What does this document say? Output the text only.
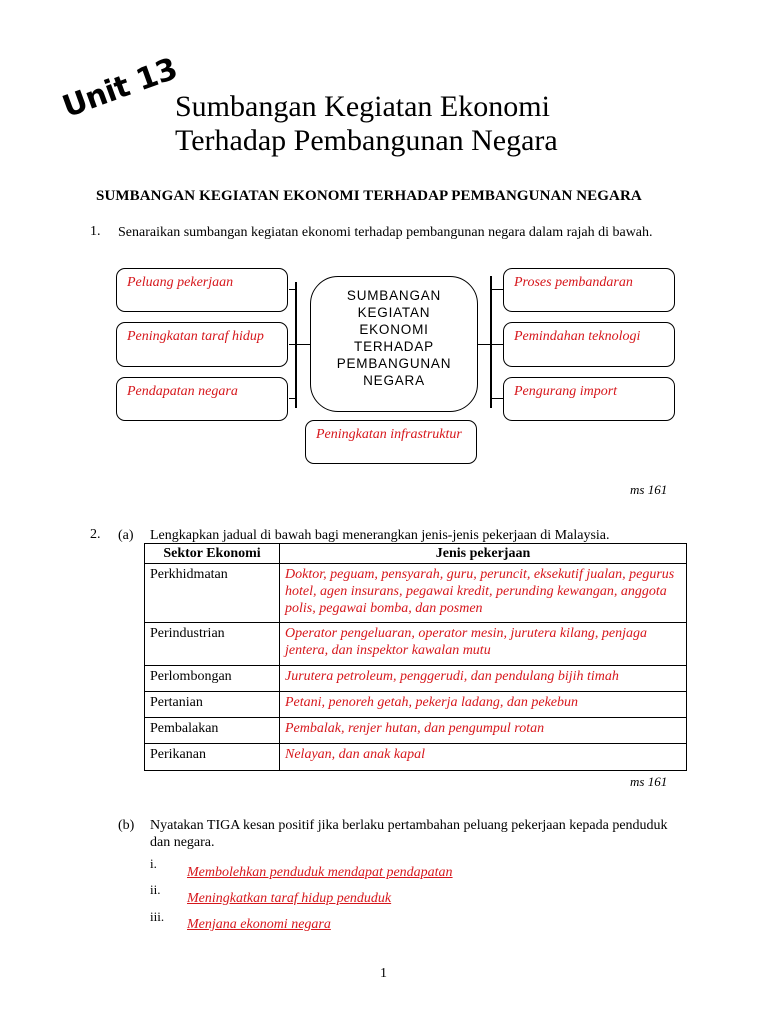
Unit 13
Sumbangan Kegiatan Ekonomi
Terhadap Pembangunan Negara
SUMBANGAN KEGIATAN EKONOMI TERHADAP PEMBANGUNAN NEGARA
1. Senaraikan sumbangan kegiatan ekonomi terhadap pembangunan negara dalam rajah di bawah.
Peluang pekerjaan
Peningkatan taraf hidup
Pendapatan negara
Proses pembandaran
Pemindahan teknologi
Pengurang import
Peningkatan infrastruktur
SUMBANGAN
KEGIATAN
EKONOMI
TERHADAP
PEMBANGUNAN
NEGARA
ms 161
2. (a) Lengkapkan jadual di bawah bagi menerangkan jenis-jenis pekerjaan di Malaysia.
Sektor Ekonomi	Jenis pekerjaan
Perkhidmatan	Doktor, peguam, pensyarah, guru, peruncit, eksekutif jualan, pegurus hotel, agen insurans, pegawai kredit, perunding kewangan, anggota polis, pegawai bomba, dan posmen
Perindustrian	Operator pengeluaran, operator mesin, jurutera kilang, penjaga jentera, dan inspektor kawalan mutu
Perlombongan	Jurutera petroleum, penggerudi, dan pendulang bijih timah
Pertanian	Petani, penoreh getah, pekerja ladang, dan pekebun
Pembalakan	Pembalak, renjer hutan, dan pengumpul rotan
Perikanan	Nelayan, dan anak kapal
ms 161
(b) Nyatakan TIGA kesan positif jika berlaku pertambahan peluang pekerjaan kepada penduduk dan negara.
i.
Membolehkan penduduk mendapat pendapatan
ii.
Meningkatkan taraf hidup penduduk
iii.
Menjana ekonomi negara
1
